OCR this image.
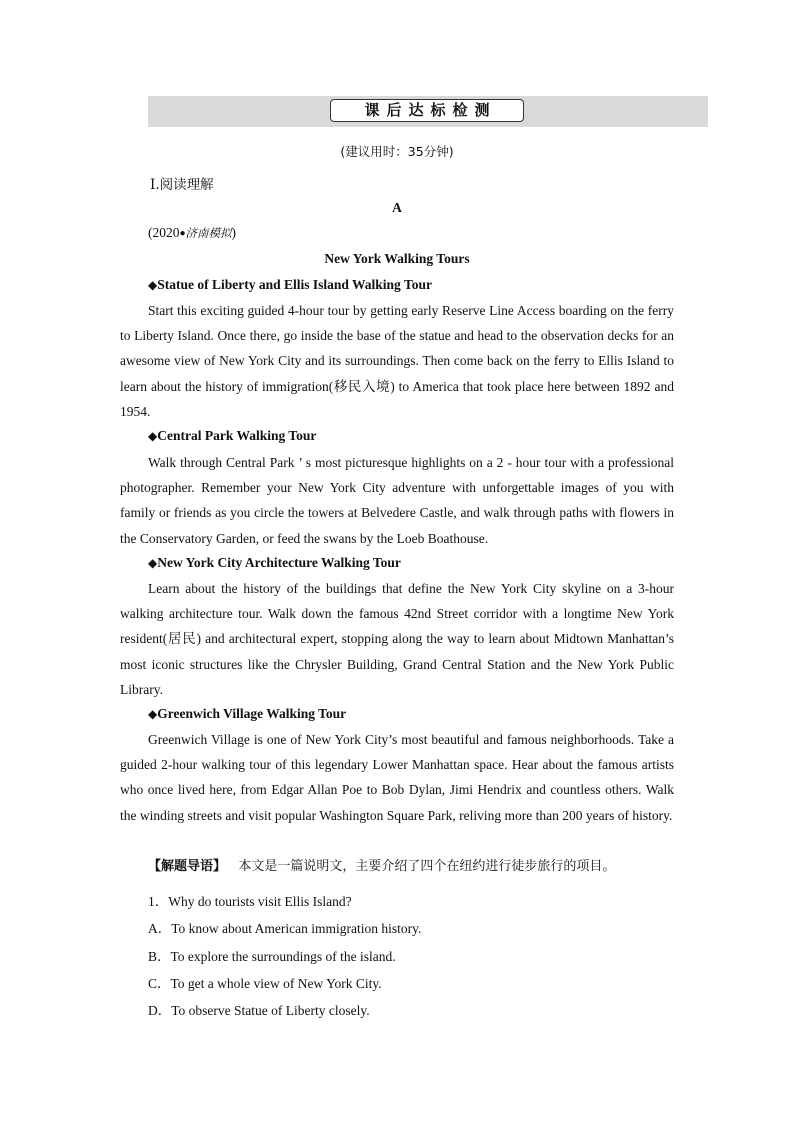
课后达标检测
(建议用时：35分钟)
Ⅰ.阅读理解
A
(2020●济南模拟)
New York Walking Tours
◆Statue of Liberty and Ellis Island Walking Tour

Start this exciting guided 4-hour tour by getting early Reserve Line Access boarding on the ferry to Liberty Island. Once there, go inside the base of the statue and head to the observation decks for an awesome view of New York City and its surroundings. Then come back on the ferry to Ellis Island to learn about the history of immigration(移民入境) to America that took place here between 1892 and 1954.

◆Central Park Walking Tour

Walk through Central Park ’ s most picturesque highlights on a 2 - hour tour with a professional photographer. Remember your New York City adventure with unforgettable images of you with family or friends as you circle the towers at Belvedere Castle, and walk through paths with flowers in the Conservatory Garden, or feed the swans by the Loeb Boathouse.

◆New York City Architecture Walking Tour

Learn about the history of the buildings that define the New York City skyline on a 3-hour walking architecture tour. Walk down the famous 42nd Street corridor with a longtime New York resident(居民) and architectural expert, stopping along the way to learn about Midtown Manhattan’s most iconic structures like the Chrysler Building, Grand Central Station and the New York Public Library.

◆Greenwich Village Walking Tour

Greenwich Village is one of New York City’s most beautiful and famous neighborhoods. Take a guided 2-hour walking tour of this legendary Lower Manhattan space. Hear about the famous artists who once lived here, from Edgar Allan Poe to Bob Dylan, Jimi Hendrix and countless others. Walk the winding streets and visit popular Washington Square Park, reliving more than 200 years of history.

【解题导语】 本文是一篇说明文，主要介绍了四个在纽约进行徒步旅行的项目。
1．Why do tourists visit Ellis Island?
A．To know about American immigration history.
B．To explore the surroundings of the island.
C．To get a whole view of New York City.
D．To observe Statue of Liberty closely.
